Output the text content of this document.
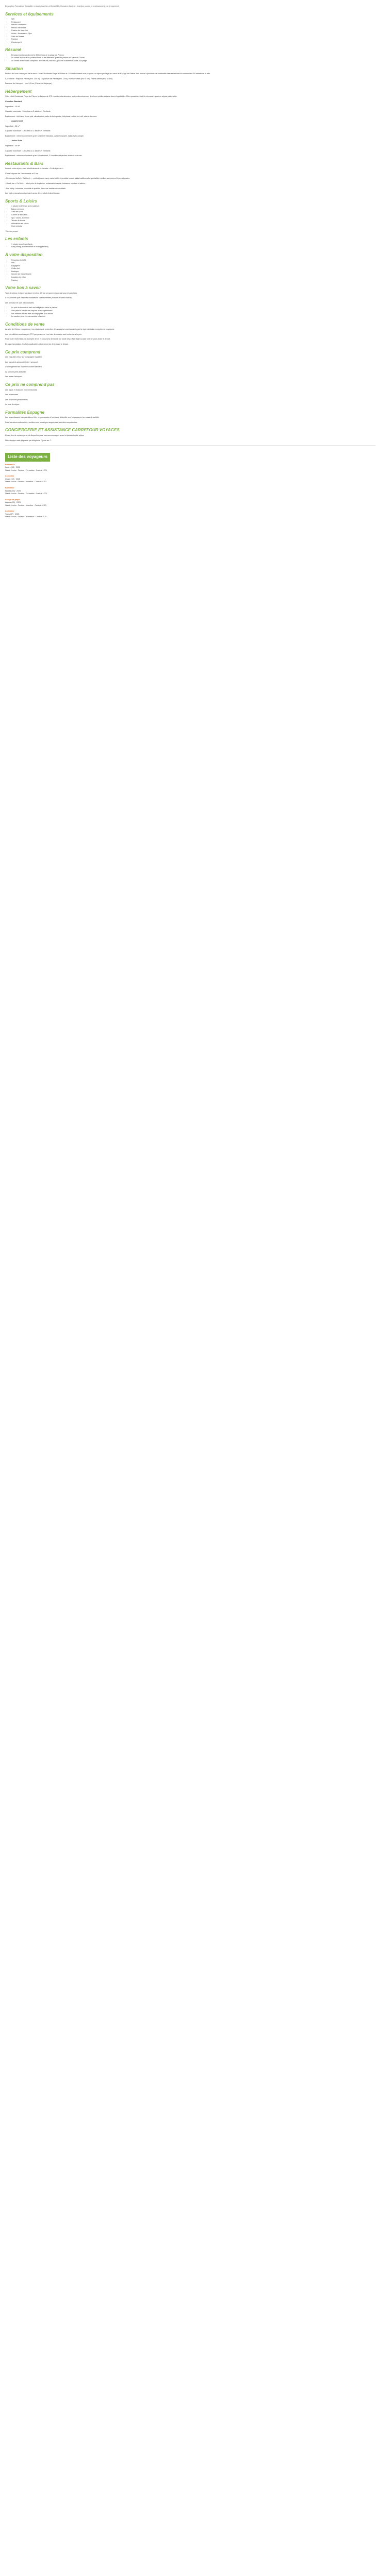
Description Formatrice/ Conseiller en Logis Insertion à Cholet (49). Domaine d'activité : insertion sociale et professionnelle par le logement.

Services et équipements
• Wifi
• Restaurant
• Pièces communes
• Pièces intérieures
• Cuisine de bien-être
• Accès - Ascenseur - Spa
• Salle de fitness
• Parking
• Conciergerie
Résumé
• Emplacement exceptionnel à 300 mètres de la plage de Pelinon
• Le centre de la culture professionnel et les différents quartiers piétons au cœur de Cholet
• Le centre de bien-être comprend avec sauna, bain turc, piscine chauffée et accès à la plage
Situation

Profitez du luxe à deux pas de la mer à l'hôtel Occidental Playa de Palma ★ ! L'établissement vous propose un séjour privilégié au cœur de la plage de Palma. Il se trouve à proximité de l'ensemble des restaurants et commerces 400 mètres de la mer.

À proximité : Playa de Palma (env. 300 m), l'Aquarium de Palma (env. 1 km), Puerto Portals (env. 5 km), Palma centre (env. 11 km).

Distance de l'aéroport : env. 5,5 km (Palma de Majorque).

Hébergement

Votre hôtel Occidental Playa de Palma ★ dispose de 279 chambres lumineuses, toutes décorées avec des tons méditerranéens doux et agréables. Elles possèdent tout le nécessaire pour un séjour confortable.

Chambre Standard

Superficie : 19 m²

Capacité maximale : 3 adultes ou 2 adultes + 2 enfants

Équipement : télévision écran plat, climatisation, salle de bain privée, téléphone, coffre-fort, wifi, sèche-cheveux.

• Appartement

Superficie : 35 m²

Capacité maximale : 3 adultes ou 2 adultes + 2 enfants

Équipement : même équipement qu'en Chambre Standard, cuisine équipée, salon avec canapé.

• Junior Suite

Superficie : 45 m²

Capacité maximale : 3 adultes ou 2 adultes + 2 enfants

Équipement : même équipement qu'en Appartement, 2 chambres séparées, terrasse vue mer.

Restaurants & Bars

Lors de votre séjour, vous bénéficierez de la formule « Petit-déjeuner ».

L'hôtel dispose de 2 restaurants et 1 bar :

- Restaurant buffet « Es Gavet » : petit-déjeuner avec vaste buffet et produits locaux, plats traditionnels, spécialités méditerranéennes et internationales.

- Snack bar « Es Molí » : situé près de la piscine, restauration rapide, boissons, sucrées et salées.

- Bar lobby : boissons, cocktails et apéritifs dans une ambiance conviviale.

Les plats proposés sont préparés avec des produits frais et locaux.

Sports & Loisirs
• 1 piscine extérieure avec solarium
• Bains à remous
• Salle de sport
• Centre de bien-être
• Spa : sauna, bain turc
• Terrain de tennis
• Animations en soirée
• Club enfants

*Service payant

Les enfants
• 1 piscine pour les enfants
• Baby-sitting (sur demande et en supplément)
À votre disposition
• Réception 24h/24
• Wifi
• Bagagerie
• Coffre-fort
• Boutique
• Service de blanchisserie
• Location de vélos
• Parking
Votre bon à savoir

Taxe de séjour à régler sur place (environ 1 € par personne et par nuit pour les adultes).

Il est possible que certaines installations soient fermées pendant la basse saison.

Les animaux ne sont pas acceptés.

• Le port du bonnet de bain est obligatoire dans la piscine
• Une pièce d'identité est requise à l'enregistrement
• Les enfants doivent être accompagnés d'un adulte
• La caution peut être demandée à l'arrivée
Conditions de vente

Au sein de l'Union européenne, les principes de protection des voyageurs sont garantis par la réglementation européenne en vigueur.

Les prix affichés sont des prix TTC par personne. Les frais de dossier sont inclus dans le prix.

Pour toute réservation, un acompte de 30 % vous sera demandé. Le solde devra être réglé au plus tard 30 jours avant le départ.

En cas d'annulation, les frais applicables dépendront du délai avant le départ.

Ce prix comprend

Les vols aller-retour sur compagnie régulière.

Les transferts aéroport / hôtel / aéroport.

L'hébergement en chambre double standard.

La formule petit-déjeuner.

Les taxes d'aéroport.

Ce prix ne comprend pas

Les repas et boissons non mentionnés.

Les assurances.

Les dépenses personnelles.

La taxe de séjour.

Formalités Espagne

Les ressortissants français doivent être en possession d'une carte d'identité ou d'un passeport en cours de validité.

Pour les autres nationalités, veuillez vous renseigner auprès des autorités compétentes.

CONCIERGERIE ET ASSISTANCE CARREFOUR VOYAGES

Un service de conciergerie est disponible pour vous accompagner avant et pendant votre séjour.

Notre équipe reste joignable par téléphone 7 jours sur 7.

Liste des voyageurs

Formatrice

Issoire (63) · 2025

Statut : Inclus · Secteur : Formation · Contrat : CDI

Conseiller

Cholet (49) · 2025

Statut : Inclus · Secteur : Insertion · Contrat : CDD

Formateur

Nantes (44) · 2025

Statut : Inclus · Secteur : Formation · Contrat : CDI

Chargé de projet

Angers (49) · 2025

Statut : Inclus · Secteur : Insertion · Contrat : CDD

Animateur

Tours (37) · 2025

Statut : Inclus · Secteur : Animation · Contrat : CDI
